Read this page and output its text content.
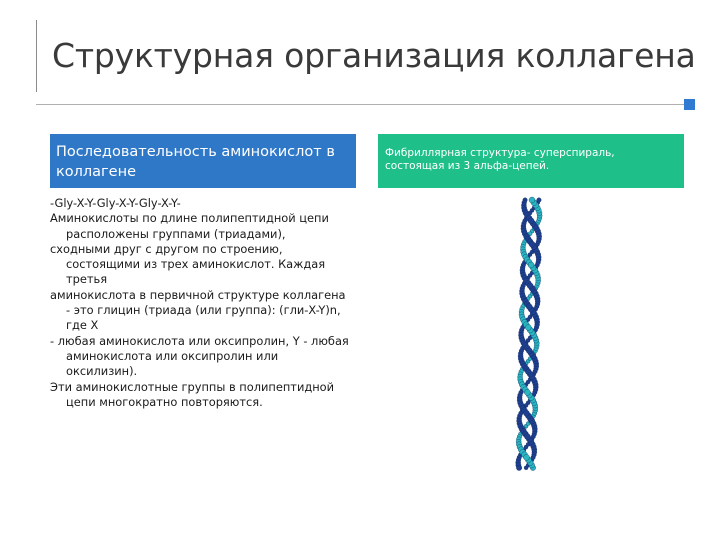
Структурная организация коллагена
Последовательность аминокислот в коллагене
Фибриллярная структура- суперспираль, состоящая из 3 альфа-цепей.

-Gly-X-Y-Gly-X-Y-Gly-X-Y-

Аминокислоты по длине полипептидной цепи расположены группами (триадами),

сходными друг с другом по строению, состоящими из трех аминокислот. Каждая третья

аминокислота в первичной структуре коллагена - это глицин (триада (или группа): (гли-X-Y)n, где X

- любая аминокислота или оксипролин, Y - любая аминокислота или оксипролин или оксилизин).

Эти аминокислотные группы в полипептидной цепи многократно повторяются.
